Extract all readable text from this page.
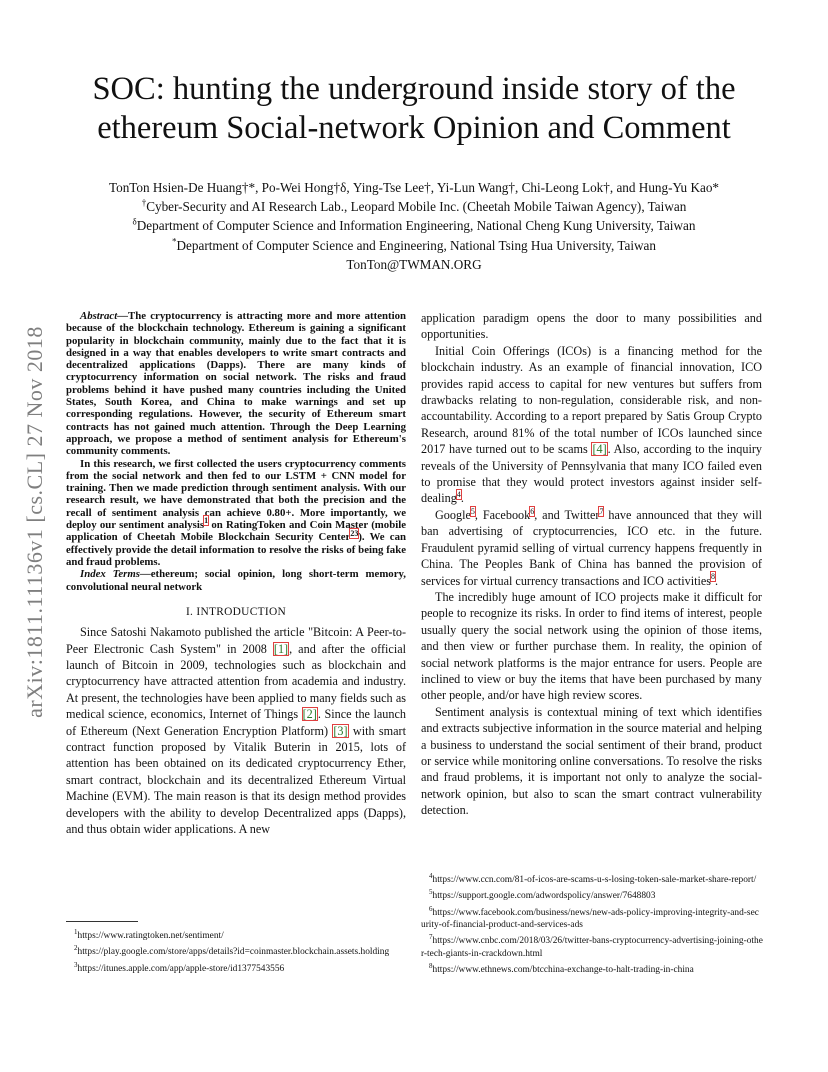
arXiv:1811.11136v1 [cs.CL] 27 Nov 2018
SOC: hunting the underground inside story of the ethereum Social-network Opinion and Comment
TonTon Hsien-De Huang†*, Po-Wei Hong†δ, Ying-Tse Lee†, Yi-Lun Wang†, Chi-Leong Lok†, and Hung-Yu Kao*
†Cyber-Security and AI Research Lab., Leopard Mobile Inc. (Cheetah Mobile Taiwan Agency), Taiwan
$^\delta$Department of Computer Science and Information Engineering, National Cheng Kung University, Taiwan
*Department of Computer Science and Engineering, National Tsing Hua University, Taiwan
TonTon@TWMAN.ORG

Abstract—The cryptocurrency is attracting more and more attention because of the blockchain technology. Ethereum is gaining a significant popularity in blockchain community, mainly due to the fact that it is designed in a way that enables developers to write smart contracts and decentralized applications (Dapps). There are many kinds of cryptocurrency information on social network. The risks and fraud problems behind it have pushed many countries including the United States, South Korea, and China to make warnings and set up corresponding regulations. However, the security of Ethereum smart contracts has not gained much attention. Through the Deep Learning approach, we propose a method of sentiment analysis for Ethereum's community comments.

In this research, we first collected the users cryptocurrency comments from the social network and then fed to our LSTM + CNN model for training. Then we made prediction through sentiment analysis. With our research result, we have demonstrated that both the precision and the recall of sentiment analysis can achieve 0.80+. More importantly, we deploy our sentiment analysis$^1$ on RatingToken and Coin Master (mobile application of Cheetah Mobile Blockchain Security Center$^{23}$). We can effectively provide the detail information to resolve the risks of being fake and fraud problems.

Index Terms—ethereum; social opinion, long short-term memory, convolutional neural network

I. INTRODUCTION

Since Satoshi Nakamoto published the article "Bitcoin: A Peer-to-Peer Electronic Cash System" in 2008 [1], and after the official launch of Bitcoin in 2009, technologies such as blockchain and cryptocurrency have attracted attention from academia and industry. At present, the technologies have been applied to many fields such as medical science, economics, Internet of Things [2]. Since the launch of Ethereum (Next Generation Encryption Platform) [3] with smart contract function proposed by Vitalik Buterin in 2015, lots of attention has been obtained on its dedicated cryptocurrency Ether, smart contract, blockchain and its decentralized Ethereum Virtual Machine (EVM). The main reason is that its design method provides developers with the ability to develop Decentralized apps (Dapps), and thus obtain wider applications. A new

$^1$https://www.ratingtoken.net/sentiment/

$^2$https://play.google.com/store/apps/details?id=coinmaster.blockchain.assets.holding

$^3$https://itunes.apple.com/app/apple-store/id1377543556

application paradigm opens the door to many possibilities and opportunities.

Initial Coin Offerings (ICOs) is a financing method for the blockchain industry. As an example of financial innovation, ICO provides rapid access to capital for new ventures but suffers from drawbacks relating to non-regulation, considerable risk, and non-accountability. According to a report prepared by Satis Group Crypto Research, around 81% of the total number of ICOs launched since 2017 have turned out to be scams [4]. Also, according to the inquiry reveals of the University of Pennsylvania that many ICO failed even to promise that they would protect investors against insider self-dealing$^4$.

Google$^5$, Facebook$^6$, and Twitter$^7$ have announced that they will ban advertising of cryptocurrencies, ICO etc. in the future. Fraudulent pyramid selling of virtual currency happens frequently in China. The Peoples Bank of China has banned the provision of services for virtual currency transactions and ICO activities$^8$.

The incredibly huge amount of ICO projects make it difficult for people to recognize its risks. In order to find items of interest, people usually query the social network using the opinion of those items, and then view or further purchase them. In reality, the opinion of social network platforms is the major entrance for users. People are inclined to view or buy the items that have been purchased by many other people, and/or have high review scores.

Sentiment analysis is contextual mining of text which identifies and extracts subjective information in the source material and helping a business to understand the social sentiment of their brand, product or service while monitoring online conversations. To resolve the risks and fraud problems, it is important not only to analyze the social-network opinion, but also to scan the smart contract vulnerability detection.

$^4$https://www.ccn.com/81-of-icos-are-scams-u-s-losing-token-sale-market-share-report/

$^5$https://support.google.com/adwordspolicy/answer/7648803

$^6$https://www.facebook.com/business/news/new-ads-policy-improving-integrity-and-security-of-financial-product-and-services-ads

$^7$https://www.cnbc.com/2018/03/26/twitter-bans-cryptocurrency-advertising-joining-other-tech-giants-in-crackdown.html

$^8$https://www.ethnews.com/btcchina-exchange-to-halt-trading-in-china
